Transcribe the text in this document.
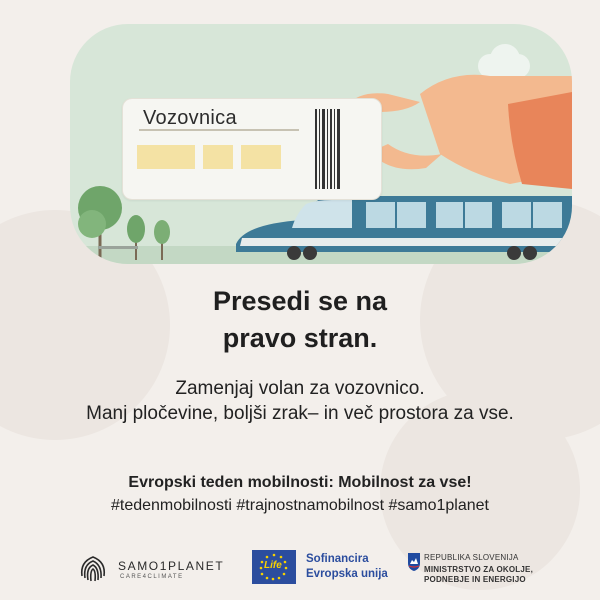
Vozovnica
Presedi se na
pravo stran.
Zamenjaj volan za vozovnico.
Manj pločevine, boljši zrak– in več prostora za vse.
Evropski teden mobilnosti: Mobilnost za vse!
#tedenmobilnosti #trajnostnamobilnost #samo1planet
SAMO1PLANET
CARE4CLIMATE
Life
Sofinancira
Evropska unija
REPUBLIKA SLOVENIJA
MINISTRSTVO ZA OKOLJE,
PODNEBJE IN ENERGIJO
